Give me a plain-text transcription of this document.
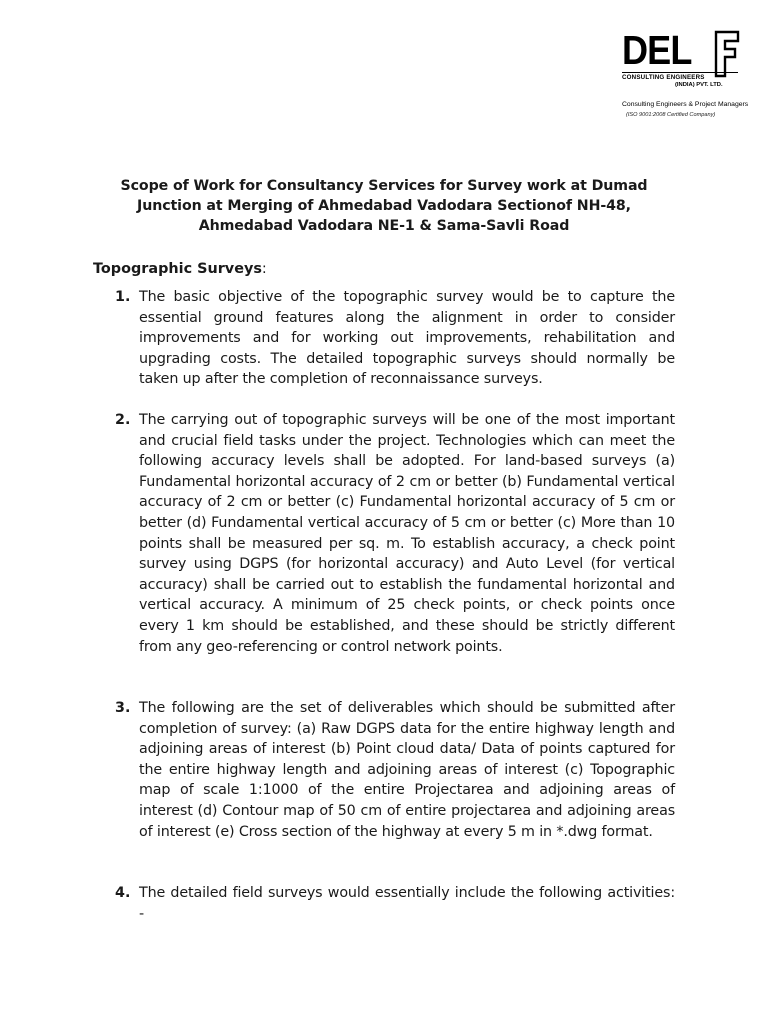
DEL
CONSULTING ENGINEERS
(INDIA) PVT. LTD.
Consulting Engineers & Project Managers
(ISO 9001:2008 Certified Company)
Scope of Work for Consultancy Services for Survey work at Dumad Junction at Merging of Ahmedabad Vadodara Sectionof NH-48, Ahmedabad Vadodara NE-1 & Sama-Savli Road
Topographic Surveys:
1. The basic objective of the topographic survey would be to capture the essential ground features along the alignment in order to consider improvements and for working out improvements, rehabilitation and upgrading costs. The detailed topographic surveys should normally be taken up after the completion of reconnaissance surveys.
2. The carrying out of topographic surveys will be one of the most important and crucial field tasks under the project. Technologies which can meet the following accuracy levels shall be adopted. For land-based surveys (a) Fundamental horizontal accuracy of 2 cm or better (b) Fundamental vertical accuracy of 2 cm or better (c) Fundamental horizontal accuracy of 5 cm or better (d) Fundamental vertical accuracy of 5 cm or better (c) More than 10 points shall be measured per sq. m. To establish accuracy, a check point survey using DGPS (for horizontal accuracy) and Auto Level (for vertical accuracy) shall be carried out to establish the fundamental horizontal and vertical accuracy. A minimum of 25 check points, or check points once every 1 km should be established, and these should be strictly different from any geo-referencing or control network points.
3. The following are the set of deliverables which should be submitted after completion of survey: (a) Raw DGPS data for the entire highway length and adjoining areas of interest (b) Point cloud data/ Data of points captured for the entire highway length and adjoining areas of interest (c) Topographic map of scale 1:1000 of the entire Projectarea and adjoining areas of interest (d) Contour map of 50 cm of entire projectarea and adjoining areas of interest (e) Cross section of the highway at every 5 m in *.dwg format.
4. The detailed field surveys would essentially include the following activities: -
